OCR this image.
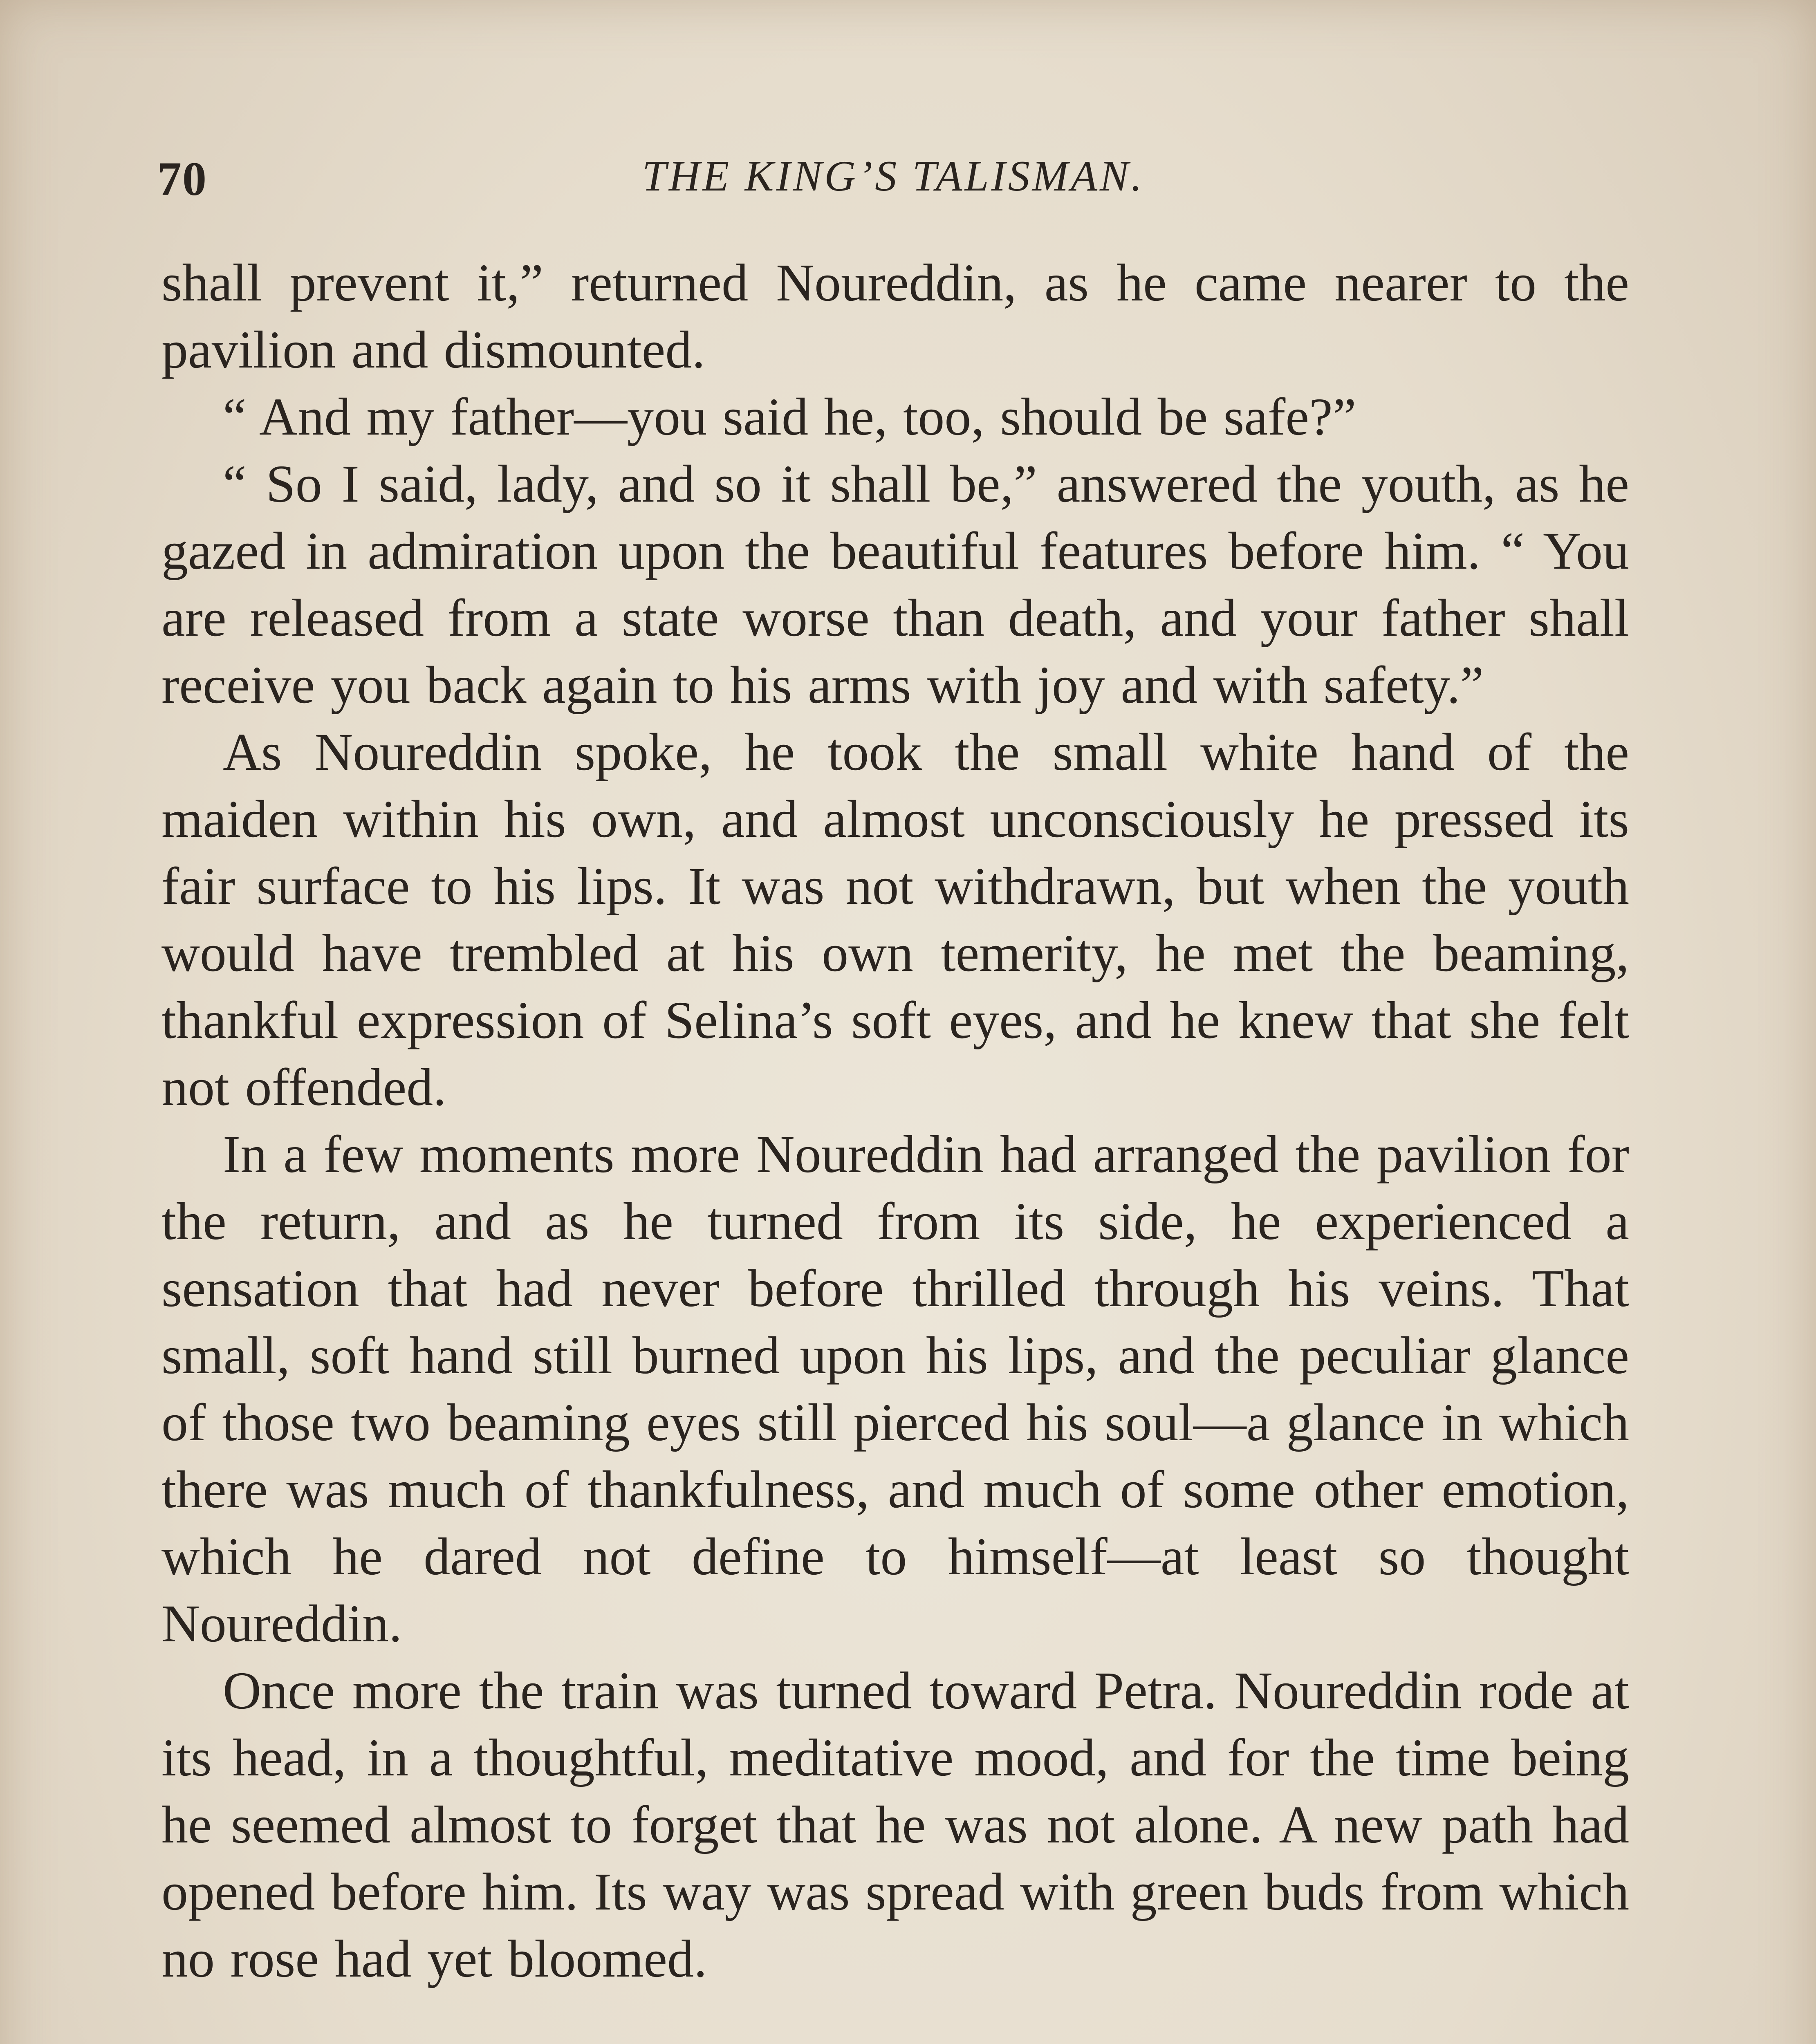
70	THE KING’S TALISMAN.

shall prevent it,” returned Noureddin, as he came nearer to the pavilion and dismounted.

“ And my father—you said he, too, should be safe?”

“ So I said, lady, and so it shall be,” answered the youth, as he gazed in admiration upon the beautiful features before him. “ You are released from a state worse than death, and your father shall receive you back again to his arms with joy and with safety.”

As Noureddin spoke, he took the small white hand of the maiden within his own, and almost unconsciously he pressed its fair surface to his lips. It was not withdrawn, but when the youth would have trembled at his own temerity, he met the beaming, thankful expression of Selina’s soft eyes, and he knew that she felt not offended.

In a few moments more Noureddin had arranged the pavilion for the return, and as he turned from its side, he experienced a sensation that had never before thrilled through his veins. That small, soft hand still burned upon his lips, and the peculiar glance of those two beaming eyes still pierced his soul—a glance in which there was much of thankfulness, and much of some other emotion, which he dared not define to himself—at least so thought Noureddin.

Once more the train was turned toward Petra. Noureddin rode at its head, in a thoughtful, meditative mood, and for the time being he seemed almost to forget that he was not alone. A new path had opened before him. Its way was spread with green buds from which no rose had yet bloomed.
